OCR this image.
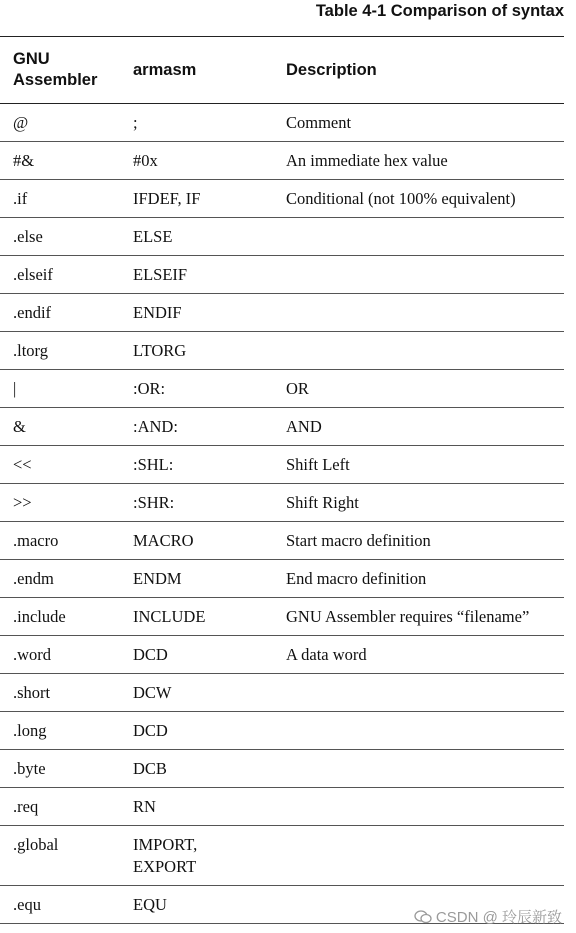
Table 4-1 Comparison of syntax
GNU
Assembler	armasm	Description
@	;	Comment
#&	#0x	An immediate hex value
.if	IFDEF, IF	Conditional (not 100% equivalent)
.else	ELSE	
.elseif	ELSEIF	
.endif	ENDIF	
.ltorg	LTORG	
|	:OR:	OR
&	:AND:	AND
<<	:SHL:	Shift Left
>>	:SHR:	Shift Right
.macro	MACRO	Start macro definition
.endm	ENDM	End macro definition
.include	INCLUDE	GNU Assembler requires “filename”
.word	DCD	A data word
.short	DCW	
.long	DCD	
.byte	DCB	
.req	RN	
.global	IMPORT,
EXPORT	
.equ	EQU	
CSDN @ 玲辰新致
